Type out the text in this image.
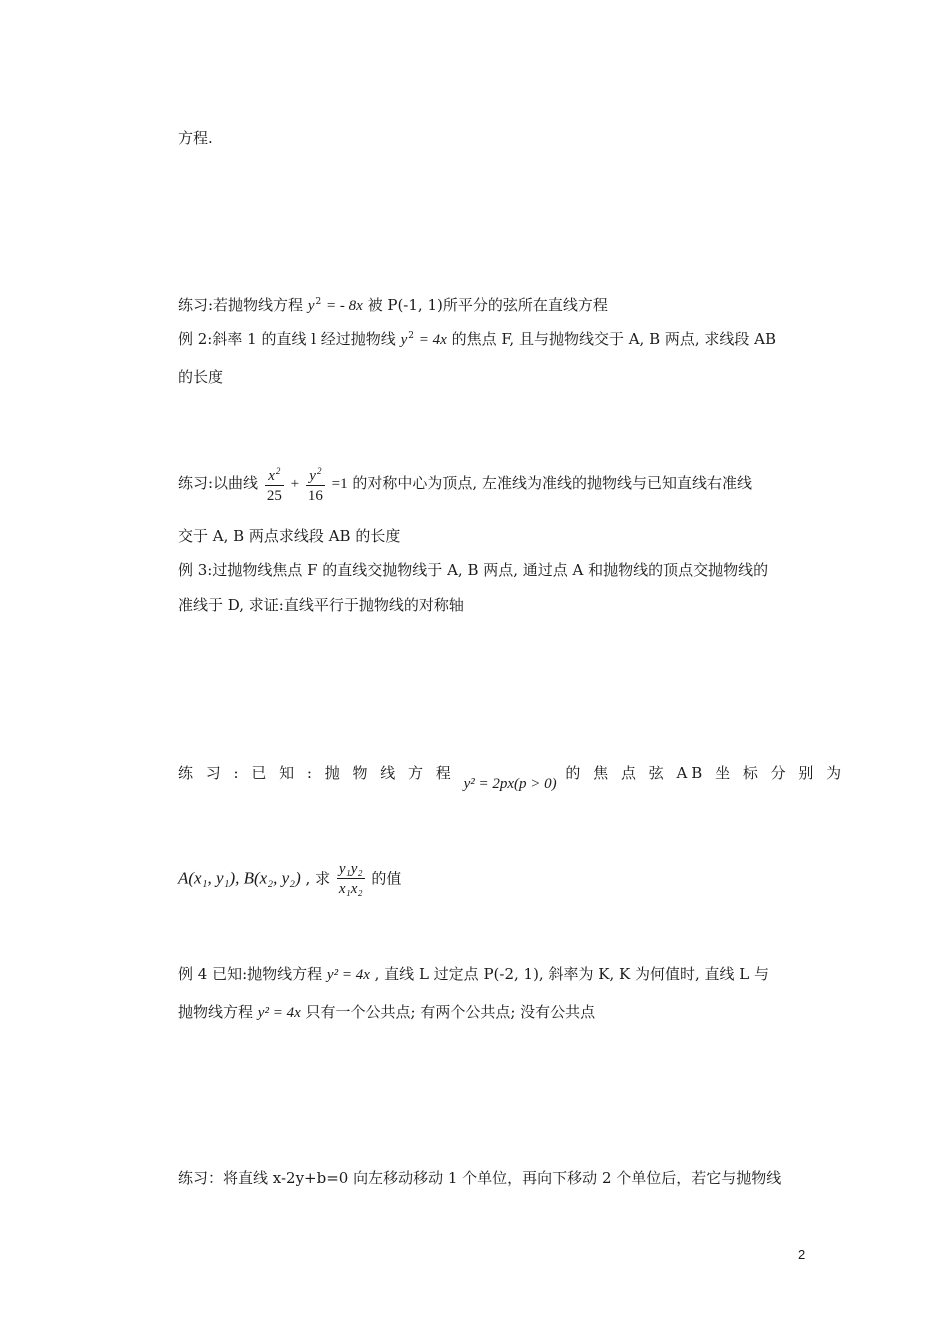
方程.
练习:若抛物线方程 $y^2$ = - 8x 被 P(-1, 1)所平分的弦所在直线方程
例 2:斜率 1 的直线 l 经过抛物线 $y^2 = 4x$ 的焦点 F, 且与抛物线交于 A, B 两点, 求线段 AB
的长度
练习:以曲线 $\frac{x^2}{25} + \frac{y^2}{16} =1$ 的对称中心为顶点, 左准线为准线的抛物线与已知直线右准线
交于 A, B 两点求线段 AB 的长度
例 3:过抛物线焦点 F 的直线交抛物线于 A, B 两点, 通过点 A 和抛物线的顶点交抛物线的
准线于 D, 求证:直线平行于抛物线的对称轴
练 习 : 已 知 : 抛 物 线 方 程 y² = 2px(p > 0) 的 焦 点 弦 AB 坐 标 分 别 为
A(x₁, y₁), B(x₂, y₂) , 求 $\frac{\text{y₁y₂}}{\text{x₁x₂}}$ 的值
例 4 已知:抛物线方程 y² = 4x , 直线 L 过定点 P(-2, 1), 斜率为 K, K 为何值时, 直线 L 与
抛物线方程 y² = 4x 只有一个公共点; 有两个公共点; 没有公共点
练习：将直线 x-2y+b=0 向左移动移动 1 个单位，再向下移动 2 个单位后，若它与抛物线
2
